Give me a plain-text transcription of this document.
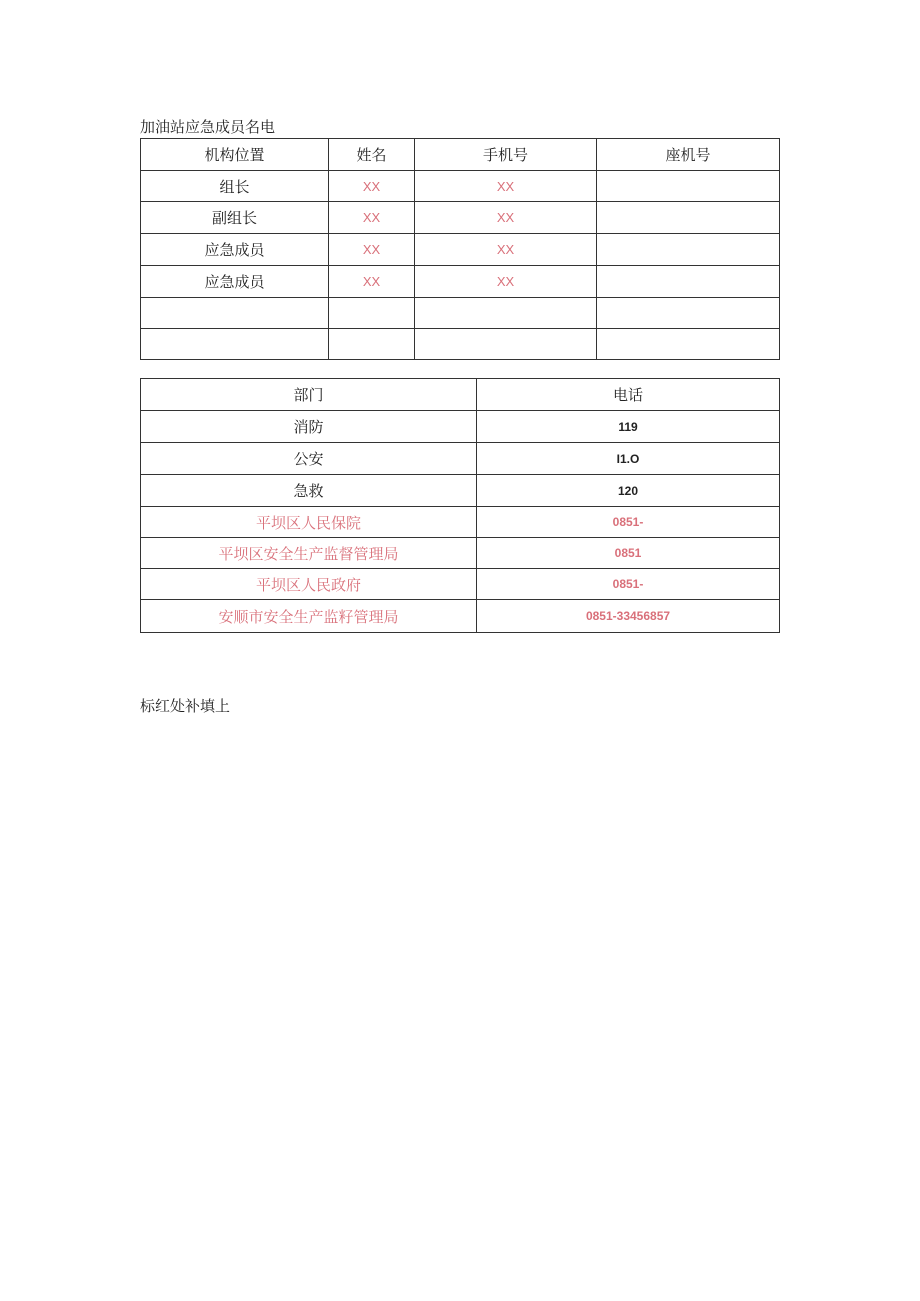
加油站应急成员名电
机构位置	姓名	手机号	座机号
组长	XX	XX	
副组长	XX	XX	
应急成员	XX	XX	
应急成员	XX	XX	

部门	电话
消防	119
公安	I1.O
急救	120
平坝区人民保院	0851-
平坝区安全生产监督管理局	0851
平坝区人民政府	0851-
安顺市安全生产监籽管理局	0851-33456857
标红处补填上
